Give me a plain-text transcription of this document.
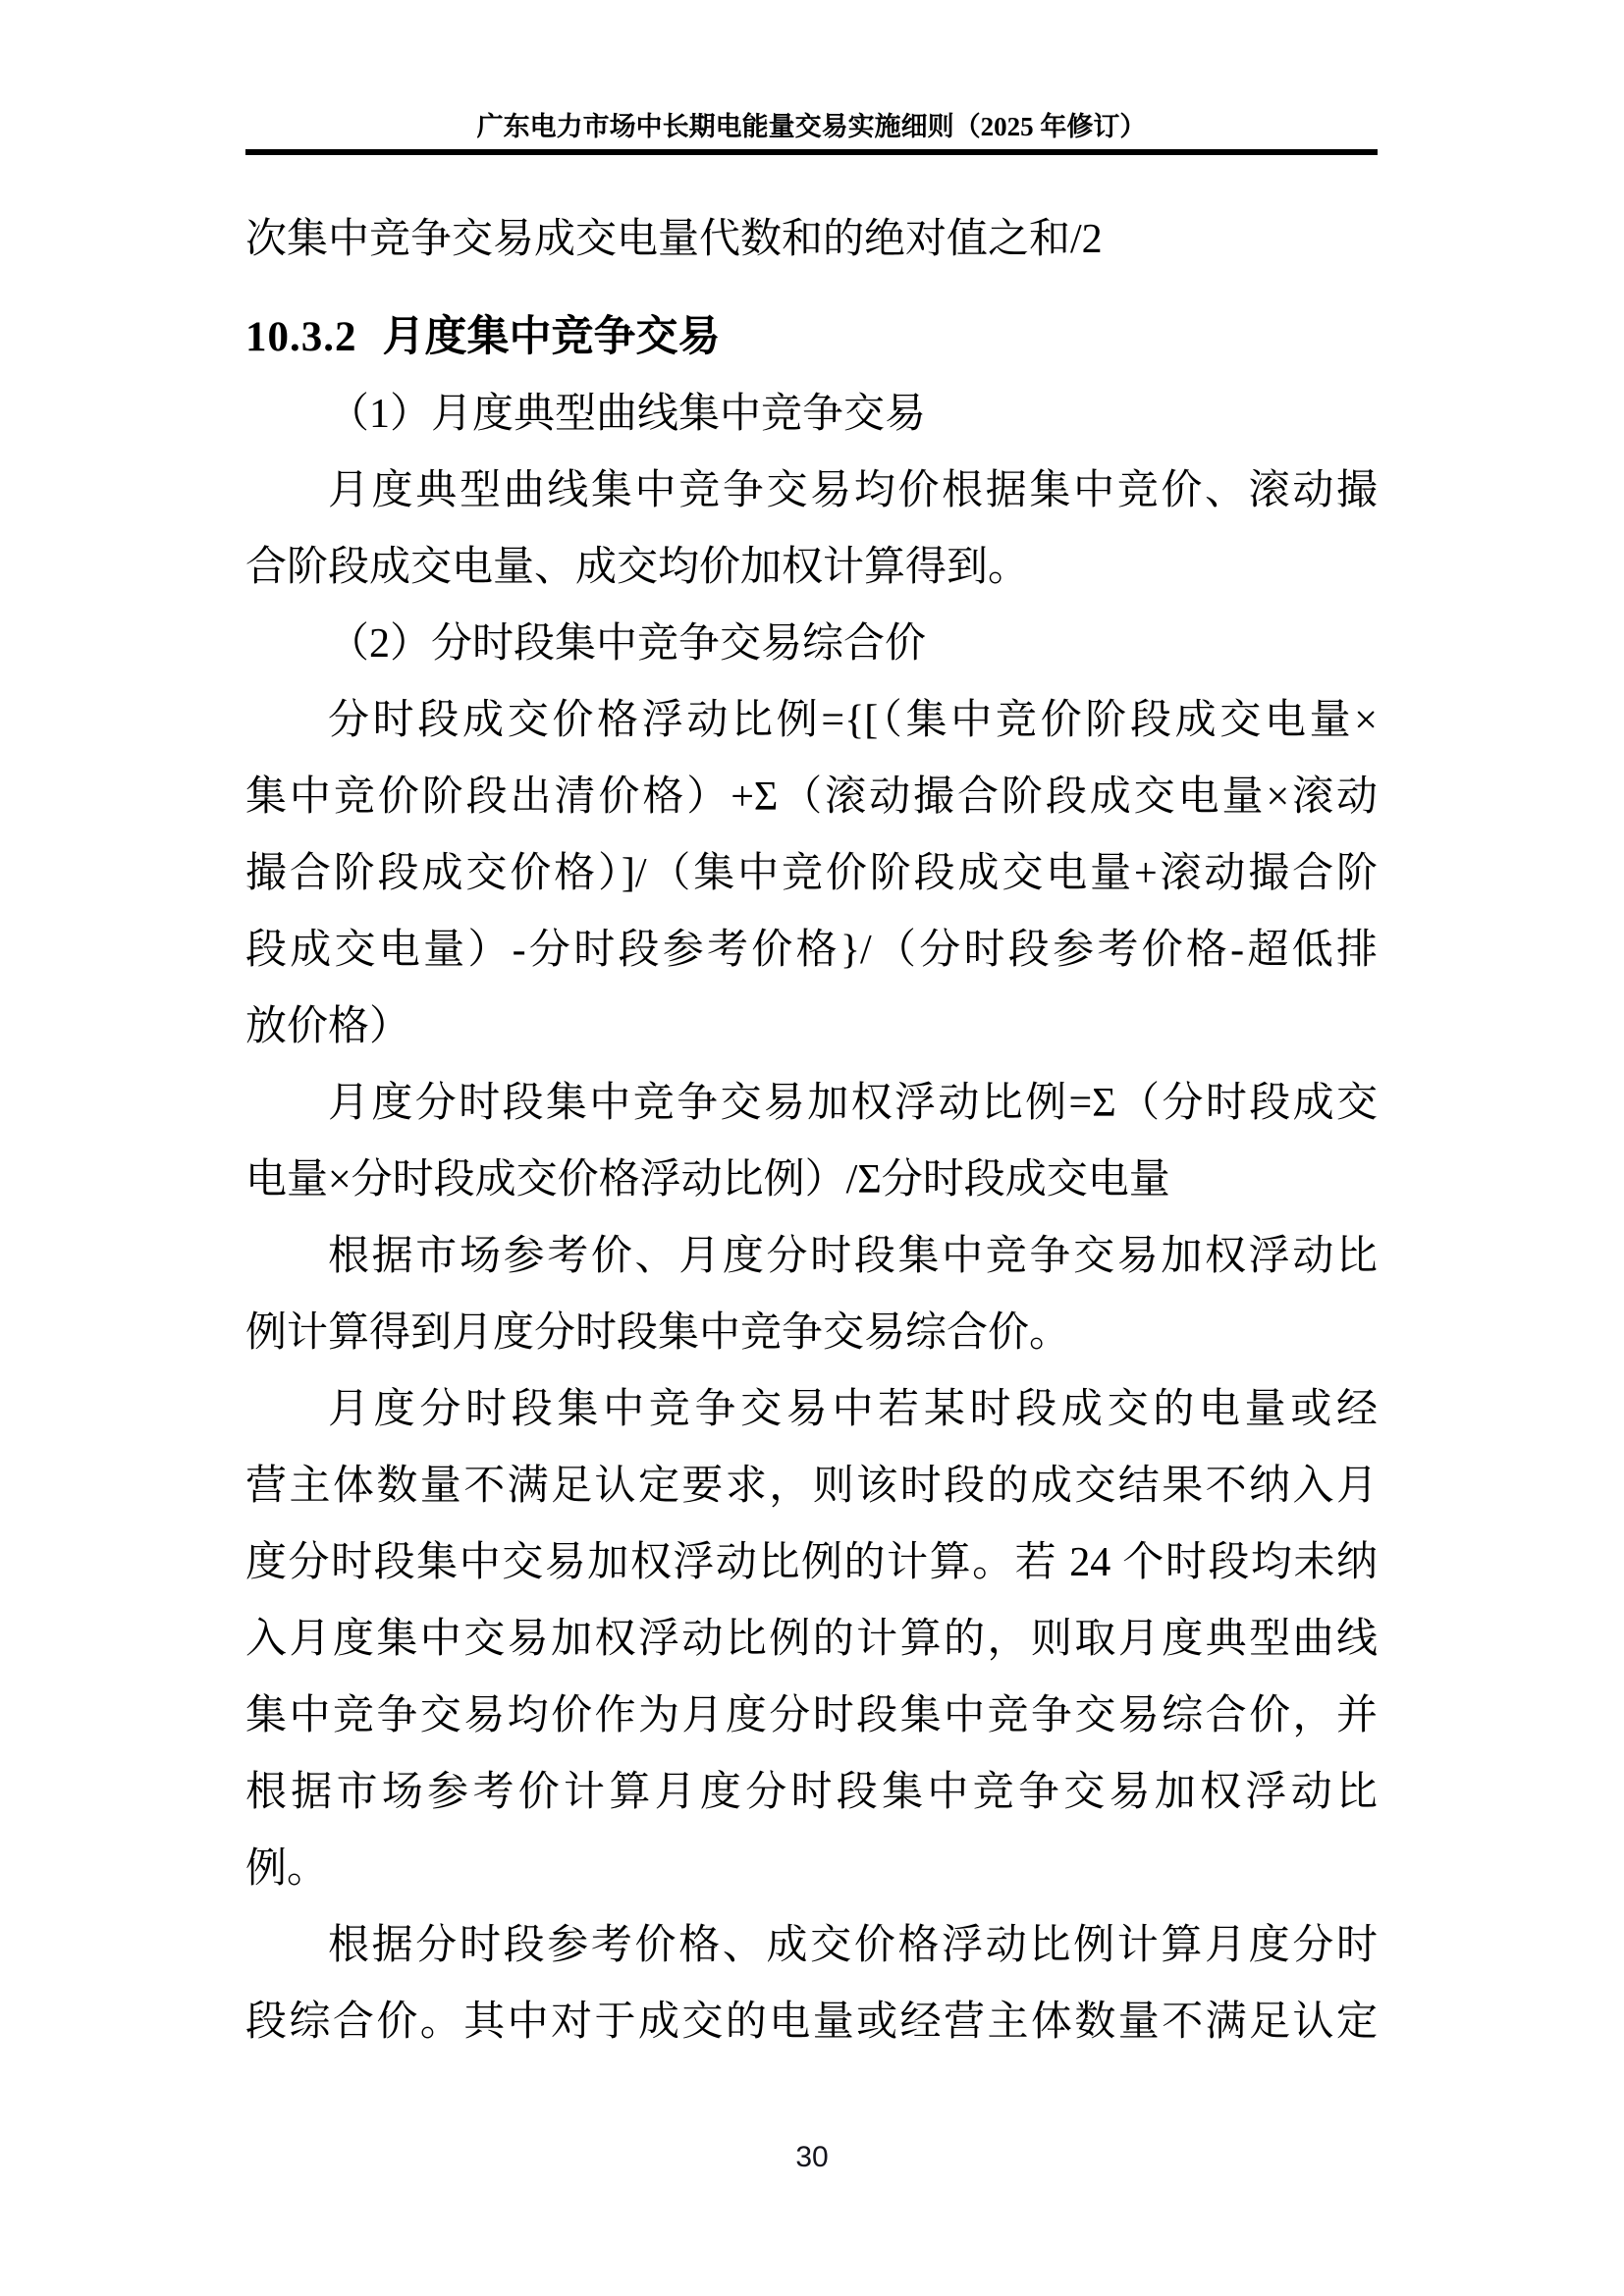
广东电力市场中长期电能量交易实施细则（2025 年修订）
次集中竞争交易成交电量代数和的绝对值之和/2
10.3.2 月度集中竞争交易
（1）月度典型曲线集中竞争交易
月度典型曲线集中竞争交易均价根据集中竞价、滚动撮
合阶段成交电量、成交均价加权计算得到。
（2）分时段集中竞争交易综合价
分时段成交价格浮动比例={[（集中竞价阶段成交电量×
集中竞价阶段出清价格）+Σ（滚动撮合阶段成交电量×滚动
撮合阶段成交价格）]/（集中竞价阶段成交电量+滚动撮合阶
段成交电量）-分时段参考价格}/（分时段参考价格-超低排
放价格）
月度分时段集中竞争交易加权浮动比例=Σ（分时段成交
电量×分时段成交价格浮动比例）/Σ分时段成交电量
根据市场参考价、月度分时段集中竞争交易加权浮动比
例计算得到月度分时段集中竞争交易综合价。
月度分时段集中竞争交易中若某时段成交的电量或经
营主体数量不满足认定要求，则该时段的成交结果不纳入月
度分时段集中交易加权浮动比例的计算。若 24 个时段均未纳
入月度集中交易加权浮动比例的计算的，则取月度典型曲线
集中竞争交易均价作为月度分时段集中竞争交易综合价，并
根据市场参考价计算月度分时段集中竞争交易加权浮动比
例。
根据分时段参考价格、成交价格浮动比例计算月度分时
段综合价。其中对于成交的电量或经营主体数量不满足认定
30
